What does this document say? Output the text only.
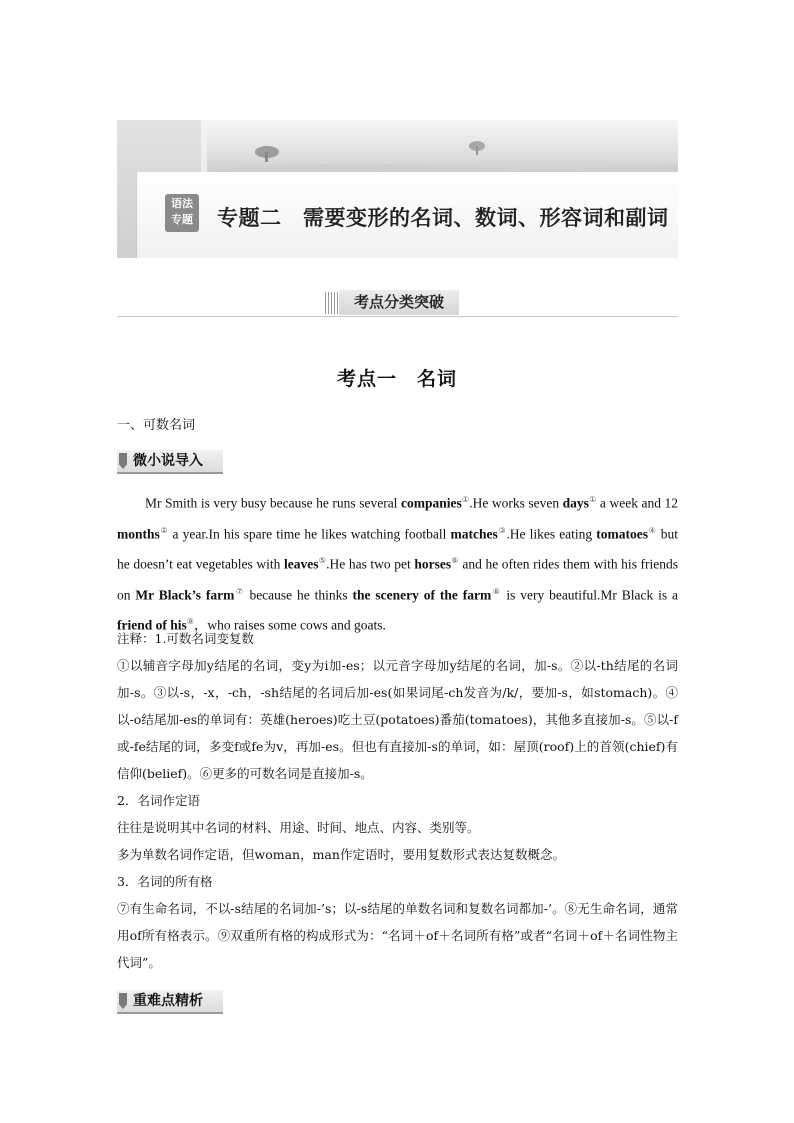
语法
专题 专题二　需要变形的名词、数词、形容词和副词
考点分类突破
考点一　名词
一、可数名词
微小说导入
Mr Smith is very busy because he runs several companies①.He works seven days① a week and 12 months② a year.In his spare time he likes watching football matches③.He likes eating tomatoes④ but he doesn’t eat vegetables with leaves⑤.He has two pet horses⑥ and he often rides them with his friends on Mr Black’s farm⑦ because he thinks the scenery of the farm⑧ is very beautiful.Mr Black is a friend of his⑨，who raises some cows and goats.

注释：1.可数名词变复数

①以辅音字母加y结尾的名词，变y为i加-es；以元音字母加y结尾的名词，加-s。②以-th结尾的名词加-s。③以-s，-x，-ch，-sh结尾的名词后加-es(如果词尾-ch发音为/k/，要加-s，如stomach)。④以-o结尾加-es的单词有：英雄(heroes)吃土豆(potatoes)番茄(tomatoes)，其他多直接加-s。⑤以-f或-fe结尾的词，多变f或fe为v，再加-es。但也有直接加-s的单词，如：屋顶(roof)上的首领(chief)有信仰(belief)。⑥更多的可数名词是直接加-s。

2．名词作定语

往往是说明其中名词的材料、用途、时间、地点、内容、类别等。

多为单数名词作定语，但woman，man作定语时，要用复数形式表达复数概念。

3．名词的所有格

⑦有生命名词，不以-s结尾的名词加-’s；以-s结尾的单数名词和复数名词都加-’。⑧无生命名词，通常用of所有格表示。⑨双重所有格的构成形式为：“名词＋of＋名词所有格”或者“名词＋of＋名词性物主代词”。

重难点精析
